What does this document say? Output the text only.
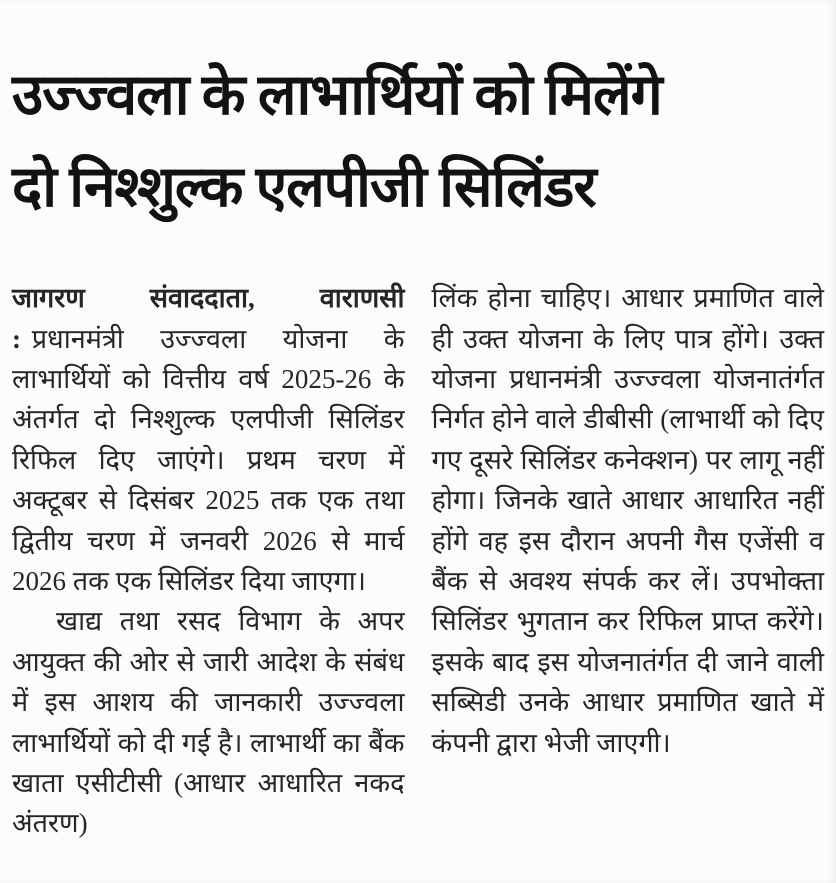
उज्ज्वला के लाभार्थियों को मिलेंगे
दो निश्शुल्क एलपीजी सिलिंडर

जागरण संवाददाता, वाराणसी : प्रधानमंत्री उज्ज्वला योजना के लाभार्थियों को वित्तीय वर्ष 2025-26 के अंतर्गत दो निश्शुल्क एलपीजी सिलिंडर रिफिल दिए जाएंगे। प्रथम चरण में अक्टूबर से दिसंबर 2025 तक एक तथा द्वितीय चरण में जनवरी 2026 से मार्च 2026 तक एक सिलिंडर दिया जाएगा।

खाद्य तथा रसद विभाग के अपर आयुक्त की ओर से जारी आदेश के संबंध में इस आशय की जानकारी उज्ज्वला लाभार्थियों को दी गई है। लाभार्थी का बैंक खाता एसीटीसी (आधार आधारित नकद अंतरण)

लिंक होना चाहिए। आधार प्रमाणित वाले ही उक्त योजना के लिए पात्र होंगे। उक्त योजना प्रधानमंत्री उज्ज्वला योजनातंर्गत निर्गत होने वाले डीबीसी (लाभार्थी को दिए गए दूसरे सिलिंडर कनेक्शन) पर लागू नहीं होगा। जिनके खाते आधार आधारित नहीं होंगे वह इस दौरान अपनी गैस एजेंसी व बैंक से अवश्य संपर्क कर लें। उपभोक्ता सिलिंडर भुगतान कर रिफिल प्राप्त करेंगे। इसके बाद इस योजनातंर्गत दी जाने वाली सब्सिडी उनके आधार प्रमाणित खाते में कंपनी द्वारा भेजी जाएगी।
